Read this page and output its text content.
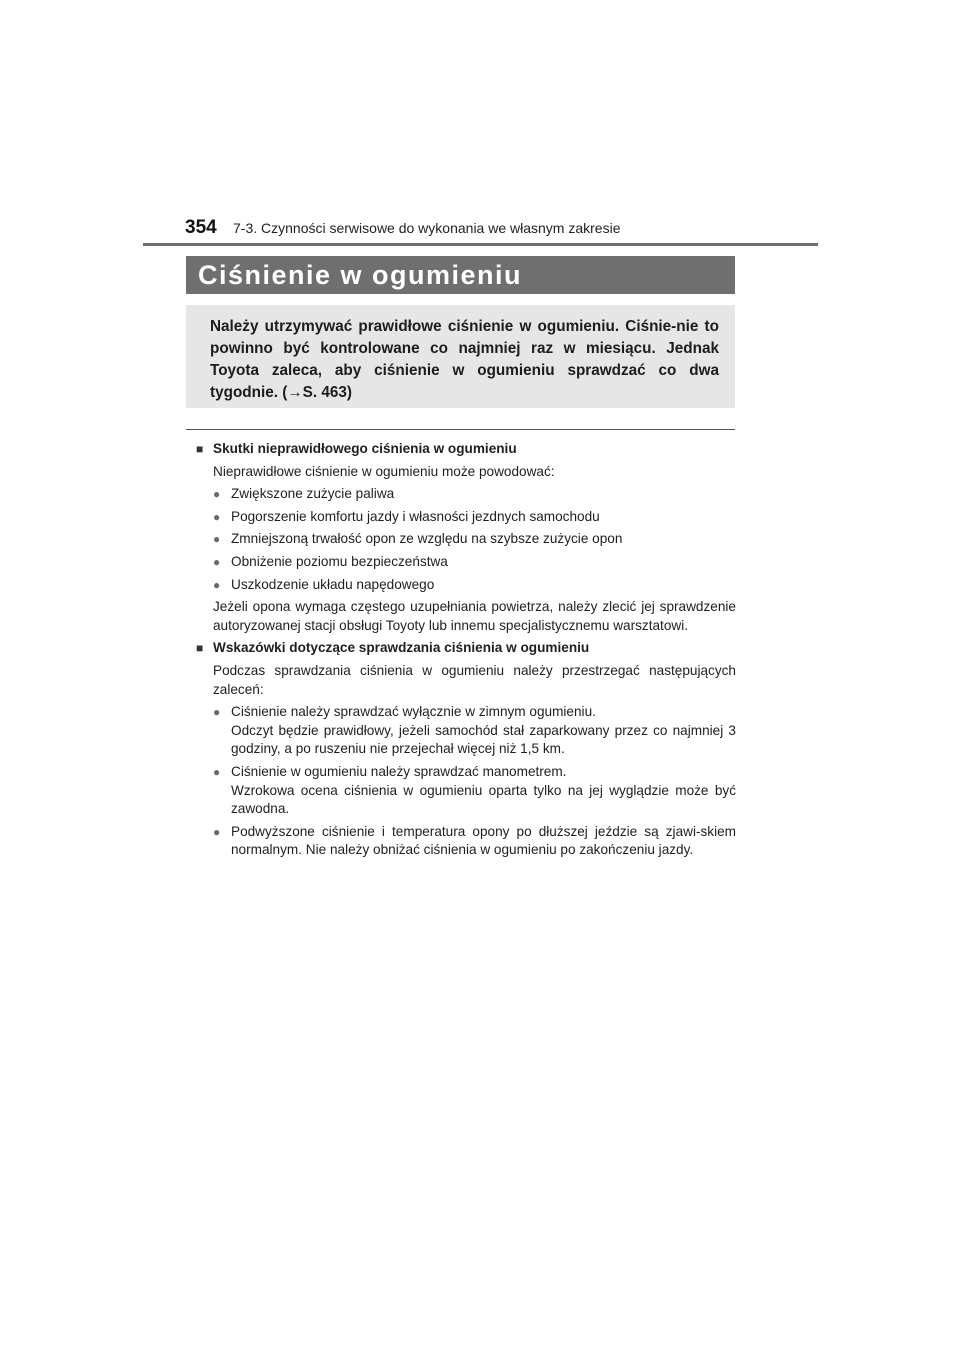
354 7-3. Czynności serwisowe do wykonania we własnym zakresie
Ciśnienie w ogumieniu
Należy utrzymywać prawidłowe ciśnienie w ogumieniu. Ciśnie-nie to powinno być kontrolowane co najmniej raz w miesiącu. Jednak Toyota zaleca, aby ciśnienie w ogumieniu sprawdzać co dwa tygodnie. (→S. 463)
■ Skutki nieprawidłowego ciśnienia w ogumieniu
Nieprawidłowe ciśnienie w ogumieniu może powodować:
● Zwiększone zużycie paliwa
● Pogorszenie komfortu jazdy i własności jezdnych samochodu
● Zmniejszoną trwałość opon ze względu na szybsze zużycie opon
● Obniżenie poziomu bezpieczeństwa
● Uszkodzenie układu napędowego
Jeżeli opona wymaga częstego uzupełniania powietrza, należy zlecić jej sprawdzenie autoryzowanej stacji obsługi Toyoty lub innemu specjalistycznemu warsztatowi.
■ Wskazówki dotyczące sprawdzania ciśnienia w ogumieniu
Podczas sprawdzania ciśnienia w ogumieniu należy przestrzegać następujących zaleceń:
● Ciśnienie należy sprawdzać wyłącznie w zimnym ogumieniu.
Odczyt będzie prawidłowy, jeżeli samochód stał zaparkowany przez co najmniej 3 godziny, a po ruszeniu nie przejechał więcej niż 1,5 km.
● Ciśnienie w ogumieniu należy sprawdzać manometrem.
Wzrokowa ocena ciśnienia w ogumieniu oparta tylko na jej wyglądzie może być zawodna.
● Podwyższone ciśnienie i temperatura opony po dłuższej jeździe są zjawi-skiem normalnym. Nie należy obniżać ciśnienia w ogumieniu po zakończeniu jazdy.
